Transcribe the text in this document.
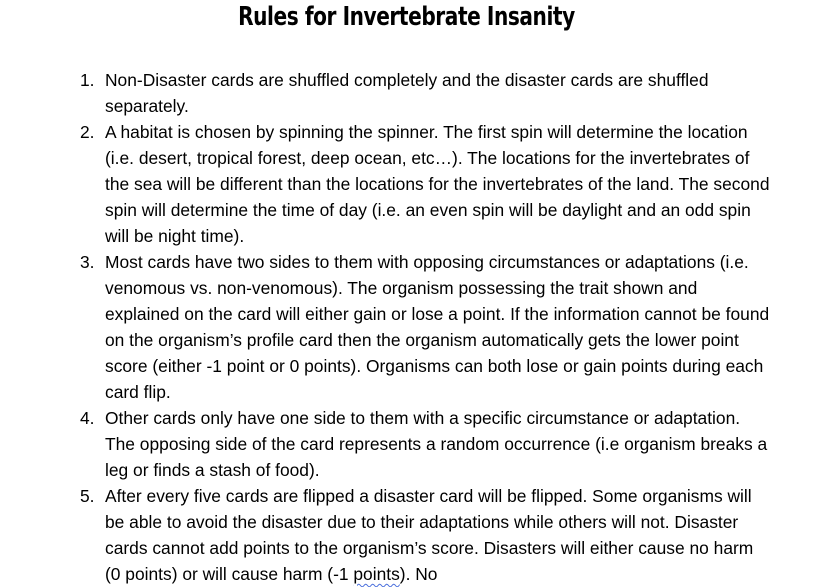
Rules for Invertebrate Insanity
1. Non-Disaster cards are shuffled completely and the disaster cards are shuffled separately.
2. A habitat is chosen by spinning the spinner. The first spin will determine the location (i.e. desert, tropical forest, deep ocean, etc…). The locations for the invertebrates of the sea will be different than the locations for the invertebrates of the land. The second spin will determine the time of day (i.e. an even spin will be daylight and an odd spin will be night time).
3. Most cards have two sides to them with opposing circumstances or adaptations (i.e. venomous vs. non-venomous). The organism possessing the trait shown and explained on the card will either gain or lose a point. If the information cannot be found on the organism’s profile card then the organism automatically gets the lower point score (either -1 point or 0 points). Organisms can both lose or gain points during each card flip.
4. Other cards only have one side to them with a specific circumstance or adaptation. The opposing side of the card represents a random occurrence (i.e organism breaks a leg or finds a stash of food).
5. After every five cards are flipped a disaster card will be flipped. Some organisms will be able to avoid the disaster due to their adaptations while others will not. Disaster cards cannot add points to the organism’s score. Disasters will either cause no harm (0 points) or will cause harm (-1 points). No
